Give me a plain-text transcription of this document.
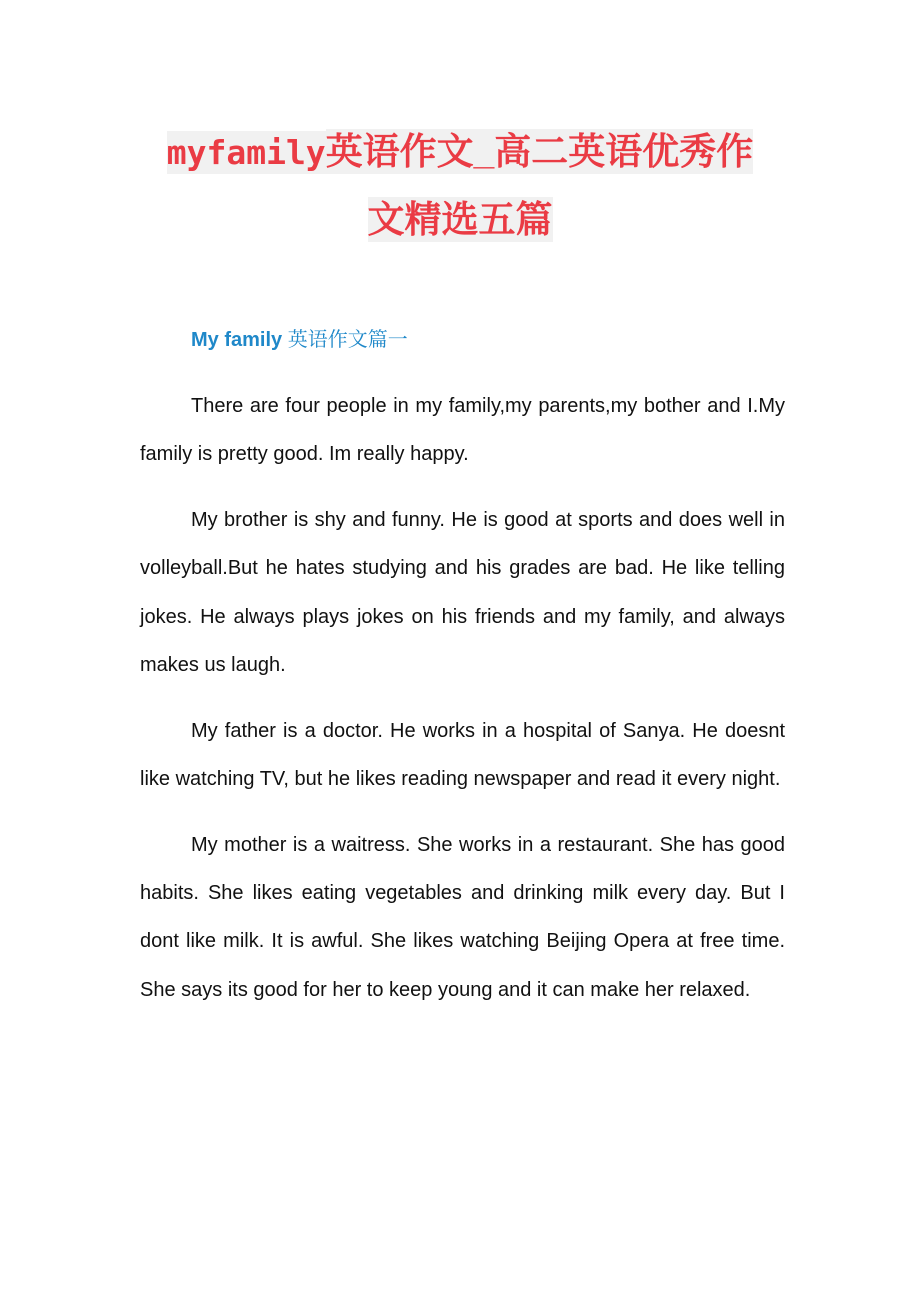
myfamily英语作文_高二英语优秀作
文精选五篇
My family 英语作文篇一

There are four people in my family,my parents,my bother and I.My family is pretty good. Im really happy.

My brother is shy and funny. He is good at sports and does well in volleyball.But he hates studying and his grades are bad. He like telling jokes. He always plays jokes on his friends and my family, and always makes us laugh.

My father is a doctor. He works in a hospital of Sanya. He doesnt like watching TV, but he likes reading newspaper and read it every night.

My mother is a waitress. She works in a restaurant. She has good habits. She likes eating vegetables and drinking milk every day. But I dont like milk. It is awful. She likes watching Beijing Opera at free time. She says its good for her to keep young and it can make her relaxed.
